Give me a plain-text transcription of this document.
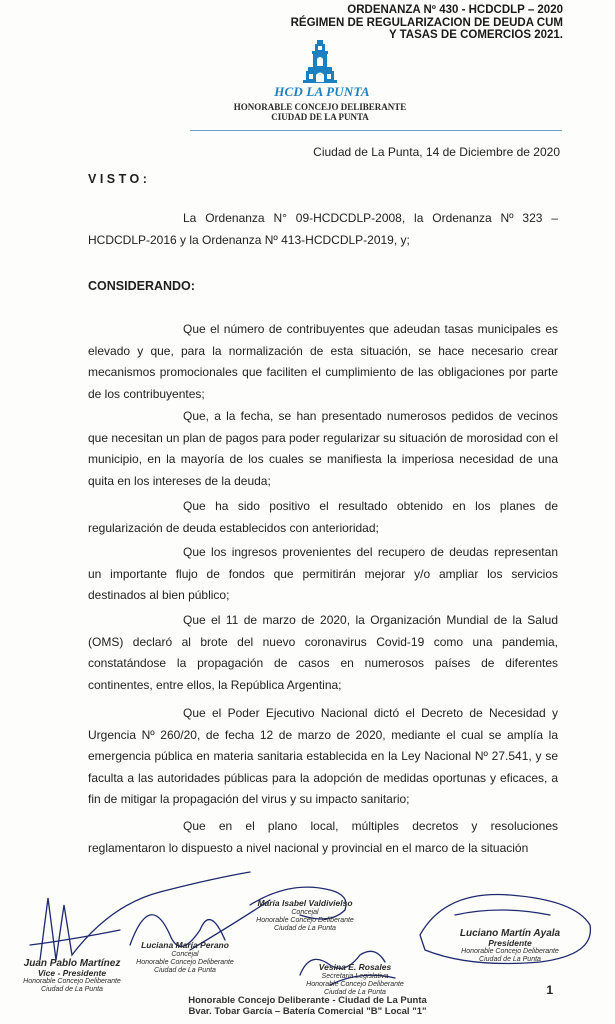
ORDENANZA Nº 430 - HCDCDLP – 2020
RÉGIMEN DE REGULARIZACION DE DEUDA CUM
Y TASAS DE COMERCIOS 2021.
HCD LA PUNTA
HONORABLE CONCEJO DELIBERANTE
CIUDAD DE LA PUNTA
Ciudad de La Punta, 14 de Diciembre de 2020
VISTO:
La Ordenanza N° 09-HCDCDLP-2008, la Ordenanza Nº 323 – HCDCDLP-2016 y la Ordenanza Nº 413-HCDCDLP-2019, y;
CONSIDERANDO:
Que el número de contribuyentes que adeudan tasas municipales es elevado y que, para la normalización de esta situación, se hace necesario crear mecanismos promocionales que faciliten el cumplimiento de las obligaciones por parte de los contribuyentes;
Que, a la fecha, se han presentado numerosos pedidos de vecinos que necesitan un plan de pagos para poder regularizar su situación de morosidad con el municipio, en la mayoría de los cuales se manifiesta la imperiosa necesidad de una quita en los intereses de la deuda;
Que ha sido positivo el resultado obtenido en los planes de regularización de deuda establecidos con anterioridad;
Que los ingresos provenientes del recupero de deudas representan un importante flujo de fondos que permitirán mejorar y/o ampliar los servicios destinados al bien público;
Que el 11 de marzo de 2020, la Organización Mundial de la Salud (OMS) declaró al brote del nuevo coronavirus Covid-19 como una pandemia, constatándose la propagación de casos en numerosos países de diferentes continentes, entre ellos, la República Argentina;
Que el Poder Ejecutivo Nacional dictó el Decreto de Necesidad y Urgencia Nº 260/20, de fecha 12 de marzo de 2020, mediante el cual se amplía la emergencia pública en materia sanitaria establecida en la Ley Nacional Nº 27.541, y se faculta a las autoridades públicas para la adopción de medidas oportunas y eficaces, a fin de mitigar la propagación del virus y su impacto sanitario;
Que en el plano local, múltiples decretos y resoluciones reglamentaron lo dispuesto a nivel nacional y provincial en el marco de la situación
Juan Pablo Martínez
Vice - Presidente
Honorable Concejo Deliberante
Ciudad de La Punta
Luciana María Perano
Concejal
Honorable Concejo Deliberante
Ciudad de La Punta
María Isabel Valdivielso
Concejal
Honorable Concejo Deliberante
Ciudad de La Punta
Vesina E. Rosales
Secretaria Legislativa
Honorable Concejo Deliberante
Ciudad de La Punta
Luciano Martín Ayala
Presidente
Honorable Concejo Deliberante
Ciudad de La Punta
1
Honorable Concejo Deliberante - Ciudad de La Punta
Bvar. Tobar García – Batería Comercial "B" Local "1"
